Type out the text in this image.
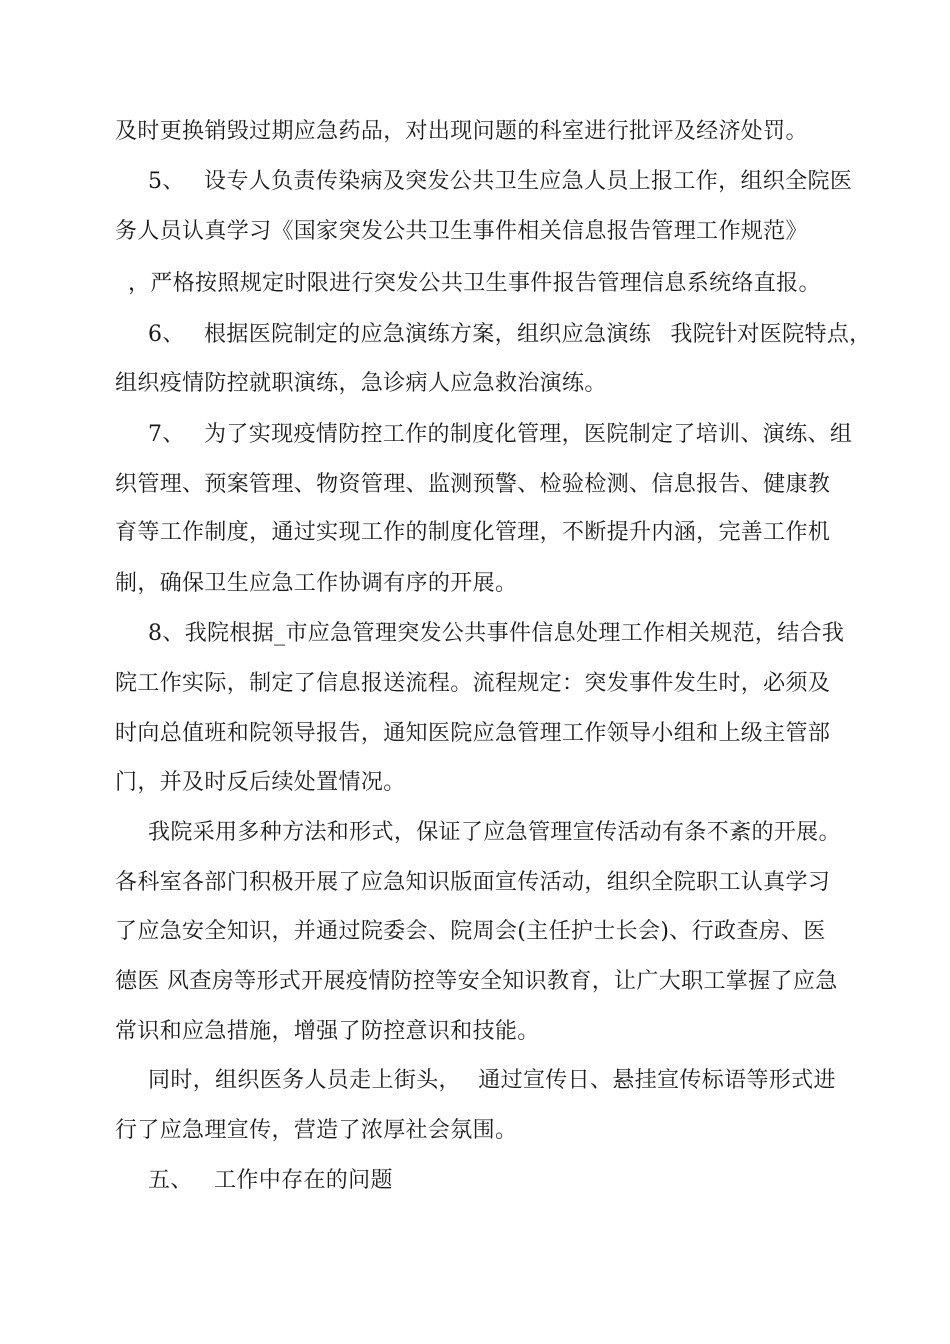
及时更换销毁过期应急药品，对出现问题的科室进行批评及经济处罚。
5、 设专人负责传染病及突发公共卫生应急人员上报工作，组织全院医
务人员认真学习《国家突发公共卫生事件相关信息报告管理工作规范》
，严格按照规定时限进行突发公共卫生事件报告管理信息系统络直报。
6、 根据医院制定的应急演练方案，组织应急演练 我院针对医院特点，
组织疫情防控就职演练，急诊病人应急救治演练。
7、 为了实现疫情防控工作的制度化管理，医院制定了培训、演练、组
织管理、预案管理、物资管理、监测预警、检验检测、信息报告、健康教
育等工作制度，通过实现工作的制度化管理，不断提升内涵，完善工作机
制，确保卫生应急工作协调有序的开展。
8、我院根据_市应急管理突发公共事件信息处理工作相关规范，结合我
院工作实际，制定了信息报送流程。流程规定：突发事件发生时，必须及
时向总值班和院领导报告，通知医院应急管理工作领导小组和上级主管部
门，并及时反后续处置情况。
我院采用多种方法和形式，保证了应急管理宣传活动有条不紊的开展。
各科室各部门积极开展了应急知识版面宣传活动，组织全院职工认真学习
了应急安全知识，并通过院委会、院周会(主任护士长会)、行政查房、医
德医 风查房等形式开展疫情防控等安全知识教育，让广大职工掌握了应急
常识和应急措施，增强了防控意识和技能。
同时，组织医务人员走上街头， 通过宣传日、悬挂宣传标语等形式进
行了应急理宣传，营造了浓厚社会氛围。
五、 工作中存在的问题
